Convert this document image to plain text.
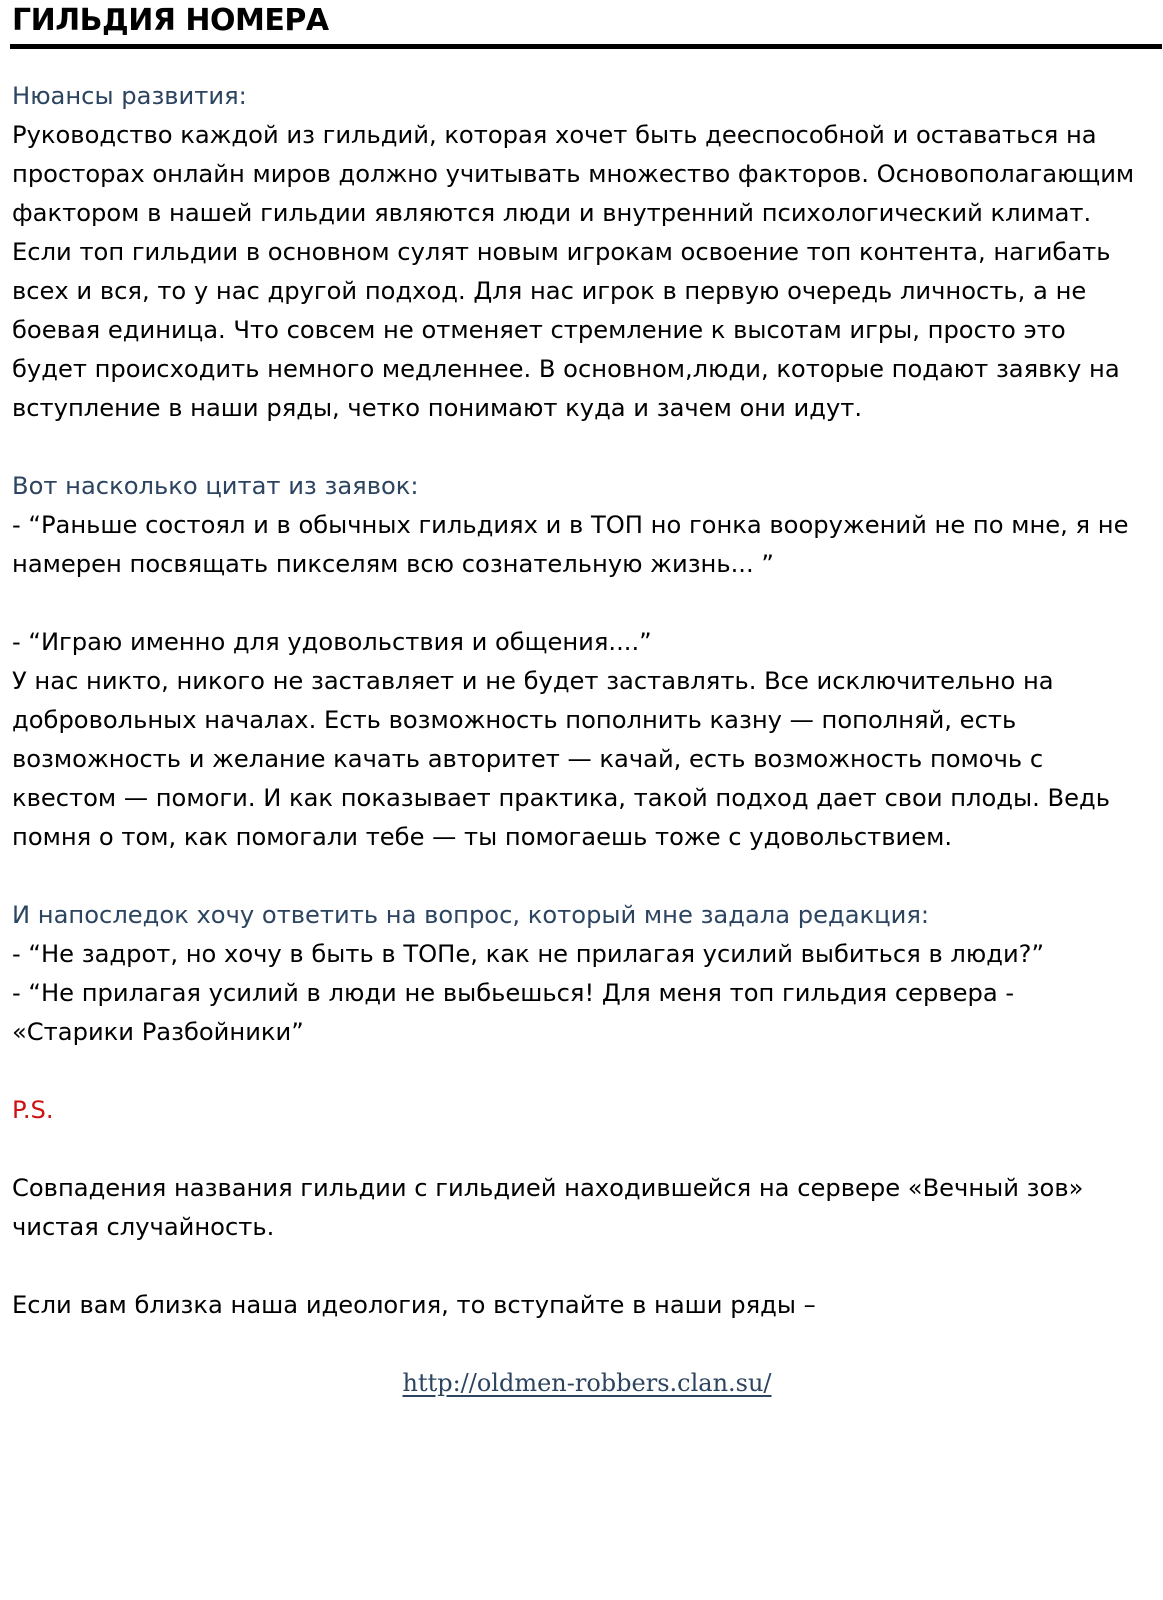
ГИЛЬДИЯ НОМЕРА

Нюансы развития:

Руководство каждой из гильдий, которая хочет быть дееспособной и оставаться на просторах онлайн миров должно учитывать множество факторов. Основополагающим фактором в нашей гильдии являются люди и внутренний психологический климат. Если топ гильдии в основном сулят новым игрокам освоение топ контента, нагибать всех и вся, то у нас другой подход. Для нас игрок в первую очередь личность, а не боевая единица. Что совсем не отменяет стремление к высотам игры, просто это будет происходить немного медленнее. В основном,люди, которые подают заявку на вступление в наши ряды, четко понимают куда и зачем они идут.

Вот насколько цитат из заявок:

- “Раньше состоял и в обычных гильдиях и в ТОП но гонка вооружений не по мне, я не намерен посвящать пикселям всю сознательную жизнь... ”

- “Играю именно для удовольствия и общения....”

У нас никто, никого не заставляет и не будет заставлять. Все исключительно на добровольных началах. Есть возможность пополнить казну — пополняй, есть возможность и желание качать авторитет — качай, есть возможность помочь с квестом — помоги. И как показывает практика, такой подход дает свои плоды. Ведь помня о том, как помогали тебе — ты помогаешь тоже с удовольствием.

И напоследок хочу ответить на вопрос, который мне задала редакция:

- “Не задрот, но хочу в быть в ТОПе, как не прилагая усилий выбиться в люди?”

- “Не прилагая усилий в люди не выбьешься! Для меня топ гильдия сервера - «Старики Разбойники”

P.S.

Совпадения названия гильдии с гильдией находившейся на сервере «Вечный зов» чистая случайность.

Если вам близка наша идеология, то вступайте в наши ряды –

http://oldmen-robbers.clan.su/
